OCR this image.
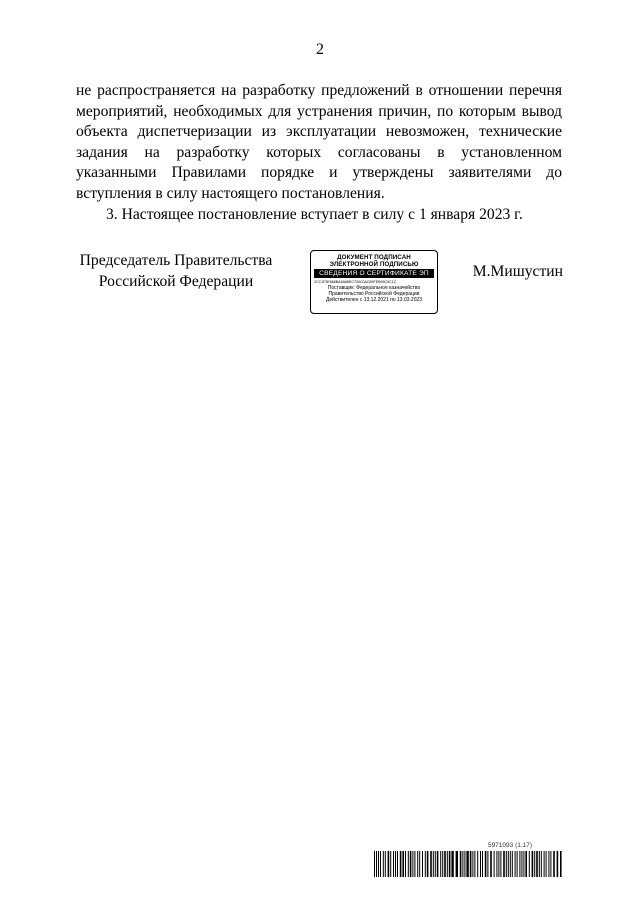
2

не распространяется на разработку предложений в отношении перечня мероприятий, необходимых для устранения причин, по которым вывод объекта диспетчеризации из эксплуатации невозможен, технические задания на разработку которых согласованы в установленном указанными Правилами порядке и утверждены заявителями до вступления в силу настоящего постановления.

3. Настоящее постановление вступает в силу с 1 января 2023 г.

Председатель Правительства
Российской Федерации
ДОКУМЕНТ ПОДПИСАН
ЭЛЕКТРОННОЙ ПОДПИСЬЮ
СВЕДЕНИЯ О СЕРТИФИКАТЕ ЭП
2CC1F3E666BA6A68EC700C0AC65FEB99C5C1C
Поставщик: Федеральное казначейство
Правительство Российской Федерации
Действителен с 13.12.2021 по 13.03.2023
М.Мишустин
5971093 (1.17)
